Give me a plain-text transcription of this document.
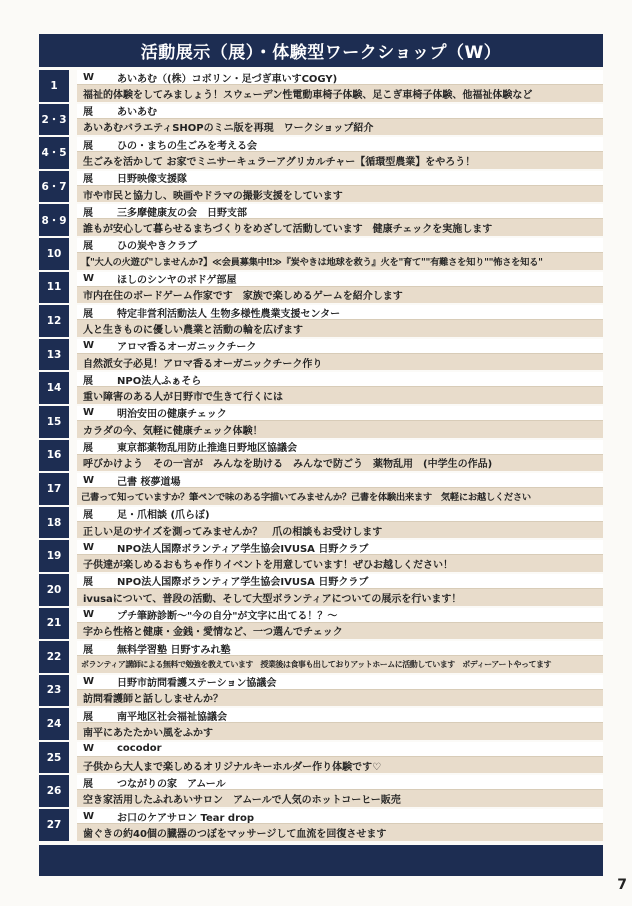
活動展示（展）・体験型ワークショップ（W）
1
W	あいあむ（(株）コボリン・足づぎ車いすCOGY)
福祉的体験をしてみましょう！スウェーデン性電動車椅子体験、足こぎ車椅子体験、他福祉体験など
2・3
展	あいあむ
あいあむバラエティSHOPのミニ版を再現　ワークショップ紹介
4・5
展	ひの・まちの生ごみを考える会
生ごみを活かして お家でミニサーキュラーアグリカルチャー【循環型農業】をやろう！
6・7
展	日野映像支援隊
市や市民と協力し、映画やドラマの撮影支援をしています
8・9
展	三多摩健康友の会　日野支部
誰もが安心して暮らせるまちづくりをめざして活動しています　健康チェックを実施します
10
展	ひの炭やきクラブ
【"大人の火遊び"しませんか?】≪会員募集中‼≫『炭やきは地球を救う』火を"育て""有難さを知り""怖さを知る"
11
W	ほしのシンヤのボドゲ部屋
市内在住のボードゲーム作家です　家族で楽しめるゲームを紹介します
12
展	特定非営利活動法人 生物多様性農業支援センター
人と生きものに優しい農業と活動の輪を広げます
13
W	アロマ香るオーガニックチーク
自然派女子必見！アロマ香るオーガニックチーク作り
14
展	NPO法人ふぁそら
重い障害のある人が日野市で生きて行くには
15
W	明治安田の健康チェック
カラダの今、気軽に健康チェック体験！
16
展	東京都薬物乱用防止推進日野地区協議会
呼びかけよう　その一言が　みんなを助ける　みんなで防ごう　薬物乱用　(中学生の作品)
17
W	己書 桜夢道場
己書って知っていますか？筆ペンで味のある字描いてみませんか？己書を体験出来ます　気軽にお越しください
18
展	足・爪相談 (爪らぼ)
正しい足のサイズを測ってみませんか？　爪の相談もお受けします
19
W	NPO法人国際ボランティア学生協会IVUSA 日野クラブ
子供達が楽しめるおもちゃ作りイベントを用意しています！ぜひお越しください！
20
展	NPO法人国際ボランティア学生協会IVUSA 日野クラブ
ivusaについて、普段の活動、そして大型ボランティアについての展示を行います！
21
W	プチ筆跡診断～"今の自分"が文字に出てる！？～
字から性格と健康・金銭・愛情など、一つ選んでチェック
22
展	無料学習塾 日野すみれ塾
ボランティア講師による無料で勉強を教えています　授業後は食事も出しておりアットホームに活動しています　ボディーアートやってます
23
W	日野市訪問看護ステーション協議会
訪問看護師と話ししませんか？
24
展	南平地区社会福祉協議会
南平にあたたかい風をふかす
25
W	cocodor
子供から大人まで楽しめるオリジナルキーホルダー作り体験です♡
26
展	つながりの家　アムール
空き家活用したふれあいサロン　アムールで人気のホットコーヒー販売
27
W	お口のケアサロン Tear drop
歯ぐきの約40個の臓器のつぼをマッサージして血流を回復させます
7
